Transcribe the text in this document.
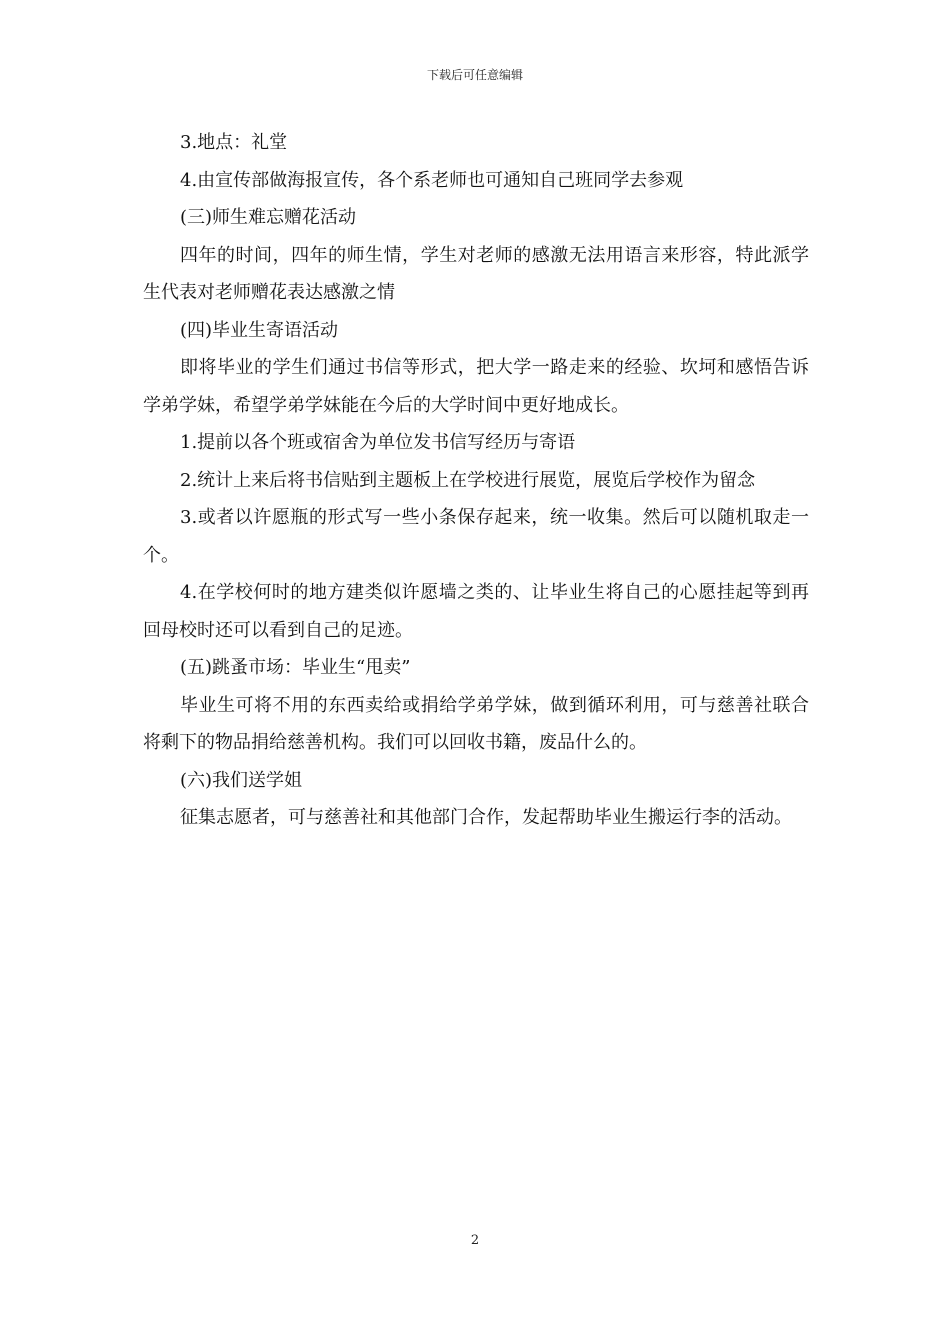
下载后可任意编辑

3.地点：礼堂

4.由宣传部做海报宣传，各个系老师也可通知自己班同学去参观

(三)师生难忘赠花活动

四年的时间，四年的师生情，学生对老师的感激无法用语言来形容，特此派学生代表对老师赠花表达感激之情

(四)毕业生寄语活动

即将毕业的学生们通过书信等形式，把大学一路走来的经验、坎坷和感悟告诉学弟学妹，希望学弟学妹能在今后的大学时间中更好地成长。

1.提前以各个班或宿舍为单位发书信写经历与寄语

2.统计上来后将书信贴到主题板上在学校进行展览，展览后学校作为留念

3.或者以许愿瓶的形式写一些小条保存起来，统一收集。然后可以随机取走一个。

4.在学校何时的地方建类似许愿墙之类的、让毕业生将自己的心愿挂起等到再回母校时还可以看到自己的足迹。

(五)跳蚤市场：毕业生“甩卖”

毕业生可将不用的东西卖给或捐给学弟学妹，做到循环利用，可与慈善社联合将剩下的物品捐给慈善机构。我们可以回收书籍，废品什么的。

(六)我们送学姐

征集志愿者，可与慈善社和其他部门合作，发起帮助毕业生搬运行李的活动。

2
